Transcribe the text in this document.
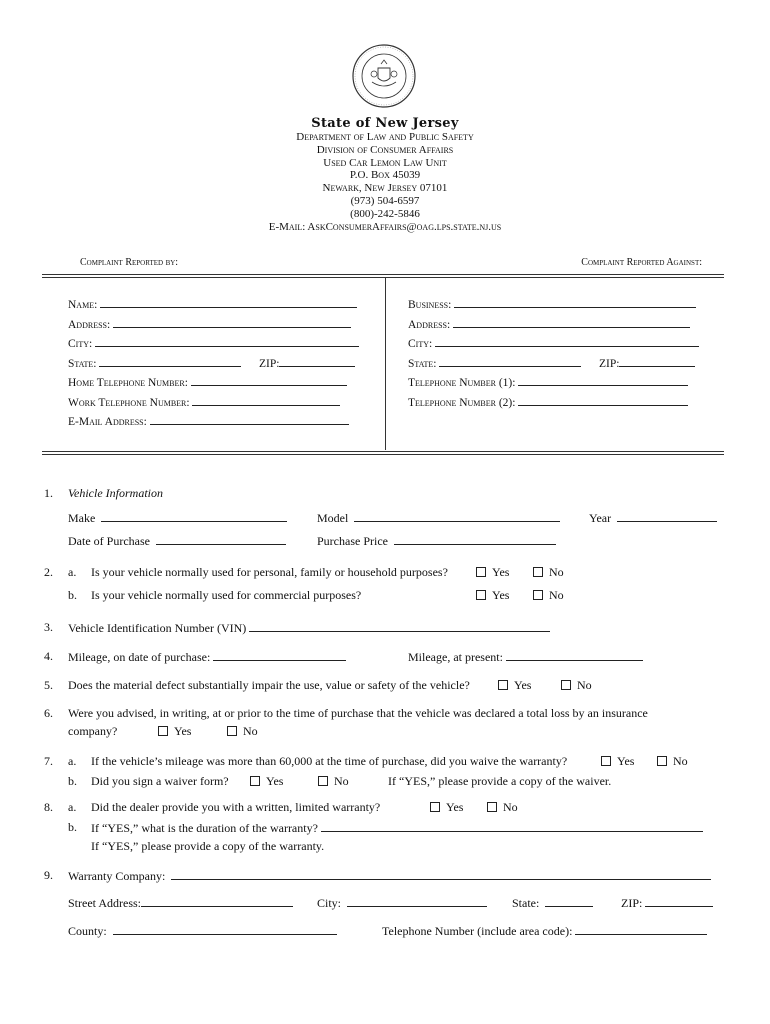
State of New Jersey
Department of Law and Public Safety
Division of Consumer Affairs
Used Car Lemon Law Unit
P.O. Box 45039
Newark, New Jersey 07101
(973) 504-6597
(800)-242-5846
E-Mail: AskConsumerAffairs@oag.lps.state.nj.us
Complaint Reported by:	Complaint Reported Against:
Name:
Address:
City:
State:	ZIP:
Home Telephone Number:
Work Telephone Number:
E-Mail Address:
Business:
Address:
City:
State:	ZIP:
Telephone Number (1):
Telephone Number (2):
1. Vehicle Information
Make	Model	Year
Date of Purchase	Purchase Price
2. a. Is your vehicle normally used for personal, family or household purposes?	Yes	No
b. Is your vehicle normally used for commercial purposes?	Yes	No
3. Vehicle Identification Number (VIN)
4. Mileage, on date of purchase:	Mileage, at present:
5. Does the material defect substantially impair the use, value or safety of the vehicle?	Yes	No
6. Were you advised, in writing, at or prior to the time of purchase that the vehicle was declared a total loss by an insurance
company?	Yes	No
7. a. If the vehicle’s mileage was more than 60,000 at the time of purchase, did you waive the warranty?	Yes	No
b. Did you sign a waiver form?	Yes	No	If “YES,” please provide a copy of the waiver.
8. a. Did the dealer provide you with a written, limited warranty?	Yes	No
b. If “YES,” what is the duration of the warranty?
If “YES,” please provide a copy of the warranty.
9. Warranty Company:
Street Address:	City:	State:	ZIP:
County:	Telephone Number (include area code):
